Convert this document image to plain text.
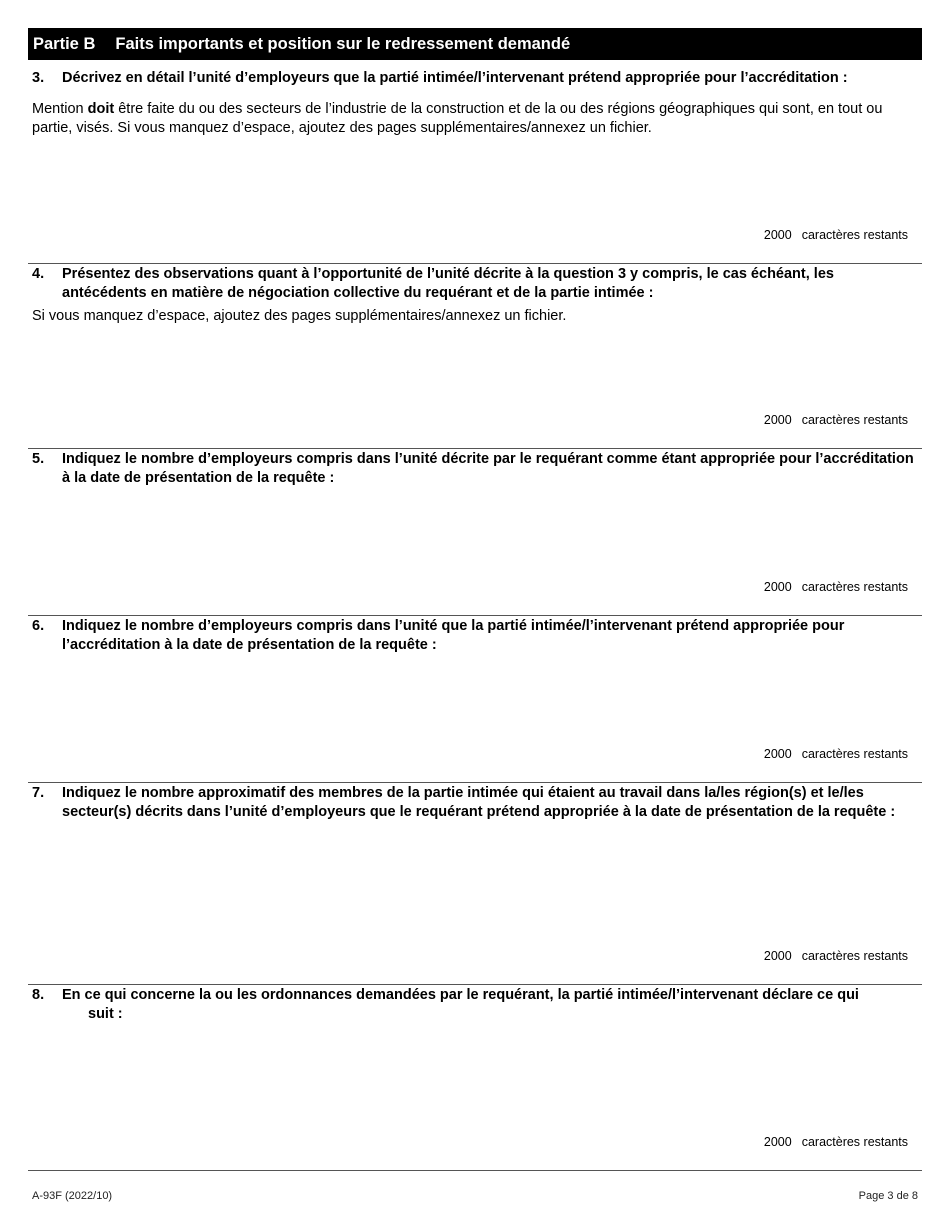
Partie B Faits importants et position sur le redressement demandé
3.	Décrivez en détail l’unité d’employeurs que la partié intimée/l’intervenant prétend appropriée pour l’accréditation :
Mention doit être faite du ou des secteurs de l’industrie de la construction et de la ou des régions géographiques qui sont, en tout ou partie, visés. Si vous manquez d’espace, ajoutez des pages supplémentaires/annexez un fichier.
2000 caractères restants
4.	Présentez des observations quant à l’opportunité de l’unité décrite à la question 3 y compris, le cas échéant, les antécédents en matière de négociation collective du requérant et de la partie intimée :
Si vous manquez d’espace, ajoutez des pages supplémentaires/annexez un fichier.
2000 caractères restants
5.	Indiquez le nombre d’employeurs compris dans l’unité décrite par le requérant comme étant appropriée pour l’accréditation à la date de présentation de la requête :
2000 caractères restants
6.	Indiquez le nombre d’employeurs compris dans l’unité que la partié intimée/l’intervenant prétend appropriée pour l’accréditation à la date de présentation de la requête :
2000 caractères restants
7.	Indiquez le nombre approximatif des membres de la partie intimée qui étaient au travail dans la/les région(s) et le/les secteur(s) décrits dans l’unité d’employeurs que le requérant prétend appropriée à la date de présentation de la requête :
2000 caractères restants
8.	En ce qui concerne la ou les ordonnances demandées par le requérant, la partié intimée/l’intervenant déclare ce qui
suit :
2000 caractères restants
A-93F (2022/10)	Page 3 de 8
